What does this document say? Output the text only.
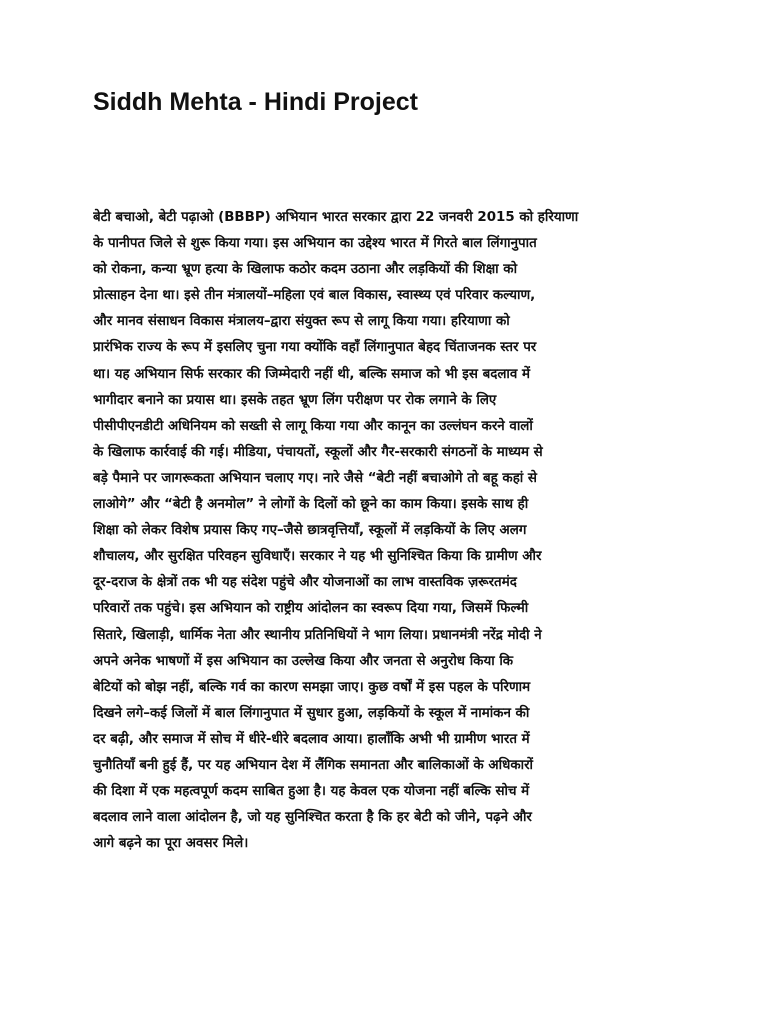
Siddh Mehta - Hindi Project
बेटी बचाओ, बेटी पढ़ाओ (BBBP) अभियान भारत सरकार द्वारा 22 जनवरी 2015 को हरियाणा
के पानीपत जिले से शुरू किया गया। इस अभियान का उद्देश्य भारत में गिरते बाल लिंगानुपात
को रोकना, कन्या भ्रूण हत्या के खिलाफ कठोर कदम उठाना और लड़कियों की शिक्षा को
प्रोत्साहन देना था। इसे तीन मंत्रालयों–महिला एवं बाल विकास, स्वास्थ्य एवं परिवार कल्याण,
और मानव संसाधन विकास मंत्रालय–द्वारा संयुक्त रूप से लागू किया गया। हरियाणा को
प्रारंभिक राज्य के रूप में इसलिए चुना गया क्योंकि वहाँ लिंगानुपात बेहद चिंताजनक स्तर पर
था। यह अभियान सिर्फ सरकार की जिम्मेदारी नहीं थी, बल्कि समाज को भी इस बदलाव में
भागीदार बनाने का प्रयास था। इसके तहत भ्रूण लिंग परीक्षण पर रोक लगाने के लिए
पीसीपीएनडीटी अधिनियम को सख्ती से लागू किया गया और कानून का उल्लंघन करने वालों
के खिलाफ कार्रवाई की गई। मीडिया, पंचायतों, स्कूलों और गैर-सरकारी संगठनों के माध्यम से
बड़े पैमाने पर जागरूकता अभियान चलाए गए। नारे जैसे “बेटी नहीं बचाओगे तो बहू कहां से
लाओगे” और “बेटी है अनमोल” ने लोगों के दिलों को छूने का काम किया। इसके साथ ही
शिक्षा को लेकर विशेष प्रयास किए गए–जैसे छात्रवृत्तियाँ, स्कूलों में लड़कियों के लिए अलग
शौचालय, और सुरक्षित परिवहन सुविधाएँ। सरकार ने यह भी सुनिश्चित किया कि ग्रामीण और
दूर-दराज के क्षेत्रों तक भी यह संदेश पहुंचे और योजनाओं का लाभ वास्तविक ज़रूरतमंद
परिवारों तक पहुंचे। इस अभियान को राष्ट्रीय आंदोलन का स्वरूप दिया गया, जिसमें फिल्मी
सितारे, खिलाड़ी, धार्मिक नेता और स्थानीय प्रतिनिधियों ने भाग लिया। प्रधानमंत्री नरेंद्र मोदी ने
अपने अनेक भाषणों में इस अभियान का उल्लेख किया और जनता से अनुरोध किया कि
बेटियों को बोझ नहीं, बल्कि गर्व का कारण समझा जाए। कुछ वर्षों में इस पहल के परिणाम
दिखने लगे–कई जिलों में बाल लिंगानुपात में सुधार हुआ, लड़कियों के स्कूल में नामांकन की
दर बढ़ी, और समाज में सोच में धीरे-धीरे बदलाव आया। हालाँकि अभी भी ग्रामीण भारत में
चुनौतियाँ बनी हुई हैं, पर यह अभियान देश में लैंगिक समानता और बालिकाओं के अधिकारों
की दिशा में एक महत्वपूर्ण कदम साबित हुआ है। यह केवल एक योजना नहीं बल्कि सोच में
बदलाव लाने वाला आंदोलन है, जो यह सुनिश्चित करता है कि हर बेटी को जीने, पढ़ने और
आगे बढ़ने का पूरा अवसर मिले।
